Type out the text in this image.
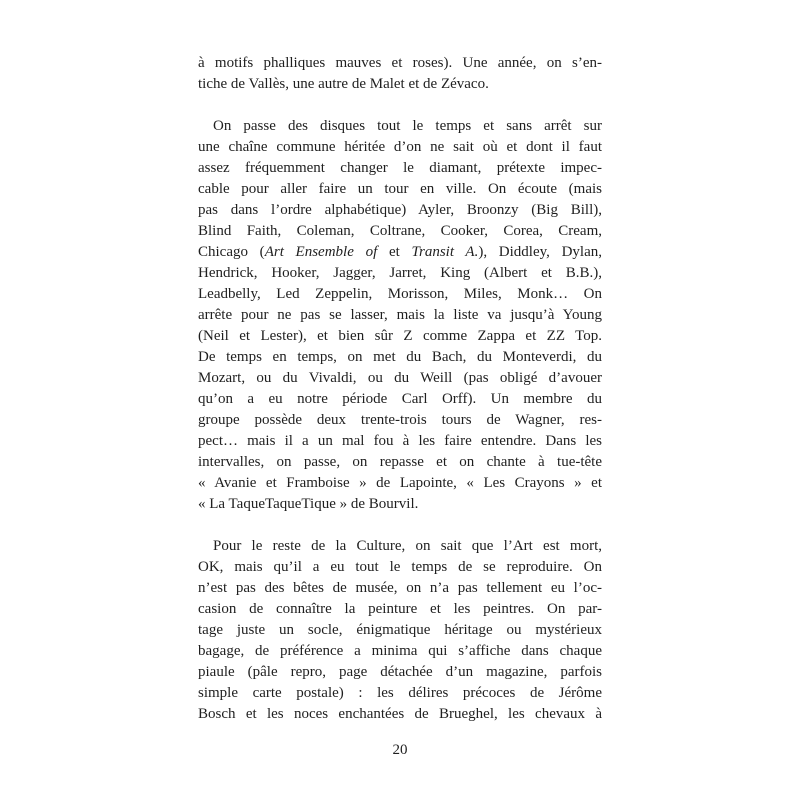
à motifs phalliques mauves et roses). Une année, on s’en-
tiche de Vallès, une autre de Malet et de Zévaco.
On passe des disques tout le temps et sans arrêt sur
une chaîne commune héritée d’on ne sait où et dont il faut
assez fréquemment changer le diamant, prétexte impec-
cable pour aller faire un tour en ville. On écoute (mais
pas dans l’ordre alphabétique) Ayler, Broonzy (Big Bill),
Blind Faith, Coleman, Coltrane, Cooker, Corea, Cream,
Chicago (Art Ensemble of et Transit A.), Diddley, Dylan,
Hendrick, Hooker, Jagger, Jarret, King (Albert et B.B.),
Leadbelly, Led Zeppelin, Morisson, Miles, Monk… On
arrête pour ne pas se lasser, mais la liste va jusqu’à Young
(Neil et Lester), et bien sûr Z comme Zappa et ZZ Top.
De temps en temps, on met du Bach, du Monteverdi, du
Mozart, ou du Vivaldi, ou du Weill (pas obligé d’avouer
qu’on a eu notre période Carl Orff). Un membre du
groupe possède deux trente-trois tours de Wagner, res-
pect… mais il a un mal fou à les faire entendre. Dans les
intervalles, on passe, on repasse et on chante à tue-tête
« Avanie et Framboise » de Lapointe, « Les Crayons » et
« La TaqueTaqueTique » de Bourvil.
Pour le reste de la Culture, on sait que l’Art est mort,
OK, mais qu’il a eu tout le temps de se reproduire. On
n’est pas des bêtes de musée, on n’a pas tellement eu l’oc-
casion de connaître la peinture et les peintres. On par-
tage juste un socle, énigmatique héritage ou mystérieux
bagage, de préférence a minima qui s’affiche dans chaque
piaule (pâle repro, page détachée d’un magazine, parfois
simple carte postale) : les délires précoces de Jérôme
Bosch et les noces enchantées de Brueghel, les chevaux à
20
